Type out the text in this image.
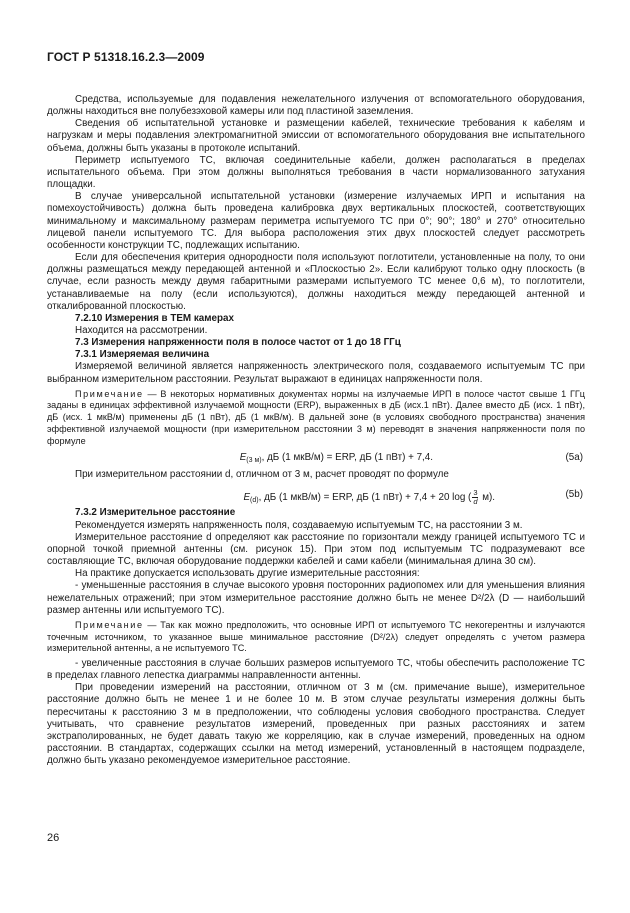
ГОСТ Р 51318.16.2.3—2009

Средства, используемые для подавления нежелательного излучения от вспомогательного оборудования, должны находиться вне полубезэховой камеры или под пластиной заземления.

Сведения об испытательной установке и размещении кабелей, технические требования к кабелям и нагрузкам и меры подавления электромагнитной эмиссии от вспомогательного оборудования вне испытательного объема, должны быть указаны в протоколе испытаний.

Периметр испытуемого ТС, включая соединительные кабели, должен располагаться в пределах испытательного объема. При этом должны выполняться требования в части нормализованного затухания площадки.

В случае универсальной испытательной установки (измерение излучаемых ИРП и испытания на помехоустойчивость) должна быть проведена калибровка двух вертикальных плоскостей, соответствующих минимальному и максимальному размерам периметра испытуемого ТС при 0°; 90°; 180° и 270° относительно лицевой панели испытуемого ТС. Для выбора расположения этих двух плоскостей следует рассмотреть особенности конструкции ТС, подлежащих испытанию.

Если для обеспечения критерия однородности поля используют поглотители, установленные на полу, то они должны размещаться между передающей антенной и «Плоскостью 2». Если калибруют только одну плоскость (в случае, если разность между двумя габаритными размерами испытуемого ТС менее 0,6 м), то поглотители, устанавливаемые на полу (если используются), должны находиться между передающей антенной и откалиброванной плоскостью.

7.2.10 Измерения в ТЕМ камерах

Находится на рассмотрении.

7.3 Измерения напряженности поля в полосе частот от 1 до 18 ГГц
7.3.1 Измеряемая величина

Измеряемой величиной является напряженность электрического поля, создаваемого испытуемым ТС при выбранном измерительном расстоянии. Результат выражают в единицах напряженности поля.

Примечание — В некоторых нормативных документах нормы на излучаемые ИРП в полосе частот свыше 1 ГГц заданы в единицах эффективной излучаемой мощности (ERP), выраженных в дБ (исх.1 пВт). Далее вместо дБ (исх. 1 пВт), дБ (исх. 1 мкВ/м) применены дБ (1 пВт), дБ (1 мкВ/м). В дальней зоне (в условиях свободного пространства) значения эффективной излучаемой мощности (при измерительном расстоянии 3 м) переводят в значения напряженности поля по формуле

$E_{(3 м)}$, дБ (1 мкВ/м) = ERP, дБ (1 пВт) + 7,4.	(5a)

При измерительном расстоянии d, отличном от 3 м, расчет проводят по формуле

$E_{(d)}$, дБ (1 мкВ/м) = ERP, дБ (1 пВт) + 7,4 + 20 log ( $\frac{3}{d} м$).	(5b)
7.3.2 Измерительное расстояние

Рекомендуется измерять напряженность поля, создаваемую испытуемым ТС, на расстоянии 3 м.

Измерительное расстояние d определяют как расстояние по горизонтали между границей испытуемого ТС и опорной точкой приемной антенны (см. рисунок 15). При этом под испытуемым ТС подразумевают все составляющие ТС, включая оборудование поддержки кабелей и сами кабели (минимальная длина 30 см).

На практике допускается использовать другие измерительные расстояния:

- уменьшенные расстояния в случае высокого уровня посторонних радиопомех или для уменьшения влияния нежелательных отражений; при этом измерительное расстояние должно быть не менее D²/2λ (D — наибольший размер антенны или испытуемого ТС).

Примечание — Так как можно предположить, что основные ИРП от испытуемого ТС некогерентны и излучаются точечным источником, то указанное выше минимальное расстояние (D²/2λ) следует определять с учетом размера измерительной антенны, а не испытуемого ТС.

- увеличенные расстояния в случае больших размеров испытуемого ТС, чтобы обеспечить расположение ТС в пределах главного лепестка диаграммы направленности антенны.

При проведении измерений на расстоянии, отличном от 3 м (см. примечание выше), измерительное расстояние должно быть не менее 1 и не более 10 м. В этом случае результаты измерения должны быть пересчитаны к расстоянию 3 м в предположении, что соблюдены условия свободного пространства. Следует учитывать, что сравнение результатов измерений, проведенных при разных расстояниях и затем экстраполированных, не будет давать такую же корреляцию, как в случае измерений, проведенных на одном расстоянии. В стандартах, содержащих ссылки на метод измерений, установленный в настоящем подразделе, должно быть указано рекомендуемое измерительное расстояние.

26
